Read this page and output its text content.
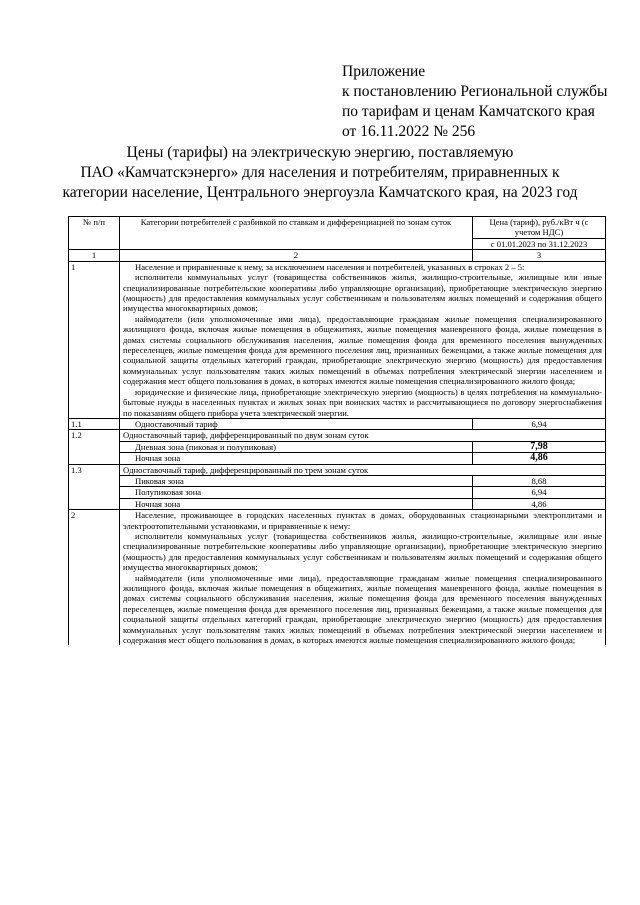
Приложение
к постановлению Региональной службы
по тарифам и ценам Камчатского края
от 16.11.2022 № 256
Цены (тарифы) на электрическую энергию, поставляемую
ПАО «Камчатскэнерго» для населения и потребителям, приравненных к
категории население, Центрального энергоузла Камчатского края, на 2023 год
№ п/п	Категории потребителей с разбивкой по ставкам и дифференциацией по зонам суток	Цена (тариф), руб./кВт ч (с учетом НДС)
		с 01.01.2023 по 31.12.2023
1	2	3
1	Население и приравненные к нему, за исключением населения и потребителей, указанных в строках 2 – 5:

исполнители коммунальных услуг (товарищества собственников жилья, жилищно-строительные, жилищные или иные специализированные потребительские кооперативы либо управляющие организации), приобретающие электрическую энергию (мощность) для предоставления коммунальных услуг собственникам и пользователям жилых помещений и содержания общего имущества многоквартирных домов;

наймодатели (или уполномоченные ими лица), предоставляющие гражданам жилые помещения специализированного жилищного фонда, включая жилые помещения в общежитиях, жилые помещения маневренного фонда, жилые помещения в домах системы социального обслуживания населения, жилые помещения фонда для временного поселения вынужденных переселенцев, жилые помещения фонда для временного поселения лиц, признанных беженцами, а также жилые помещения для социальной защиты отдельных категорий граждан, приобретающие электрическую энергию (мощность) для предоставления коммунальных услуг пользователям таких жилых помещений в объемах потребления электрической энергии населением и содержания мест общего пользования в домах, в которых имеются жилые помещения специализированного жилого фонда;

юридические и физические лица, приобретающие электрическую энергию (мощность) в целях потребления на коммунально-бытовые нужды в населенных пунктах и жилых зонах при воинских частях и рассчитывающиеся по договору энергоснабжения по показаниям общего прибора учета электрической энергии.	

1.1	Одноставочный тариф	6,94
1.2	Одноставочный тариф, дифференцированный по двум зонам суток	
	Дневная зона (пиковая и полупиковая)	7,98
	Ночная зона	4,86
1.3	Одноставочный тариф, дифференцированный по трем зонам суток	
	Пиковая зона	8,68
	Полупиковая зона	6,94
	Ночная зона	4,86
2	Население, проживающее в городских населенных пунктах в домах, оборудованных стационарными электроплитами и электроотопительными установками, и приравненные к нему:

исполнители коммунальных услуг (товарищества собственников жилья, жилищно-строительные, жилищные или иные специализированные потребительские кооперативы либо управляющие организации), приобретающие электрическую энергию (мощность) для предоставления коммунальных услуг собственникам и пользователям жилых помещений и содержания общего имущества многоквартирных домов;

наймодатели (или уполномоченные ими лица), предоставляющие гражданам жилые помещения специализированного жилищного фонда, включая жилые помещения в общежитиях, жилые помещения маневренного фонда, жилые помещения в домах системы социального обслуживания населения, жилые помещения фонда для временного поселения вынужденных переселенцев, жилые помещения фонда для временного поселения лиц, признанных беженцами, а также жилые помещения для социальной защиты отдельных категорий граждан, приобретающие электрическую энергию (мощность) для предоставления коммунальных услуг пользователям таких жилых помещений в объемах потребления электрической энергии населением и содержания мест общего пользования в домах, в которых имеются жилые помещения специализированного жилого фонда;	
